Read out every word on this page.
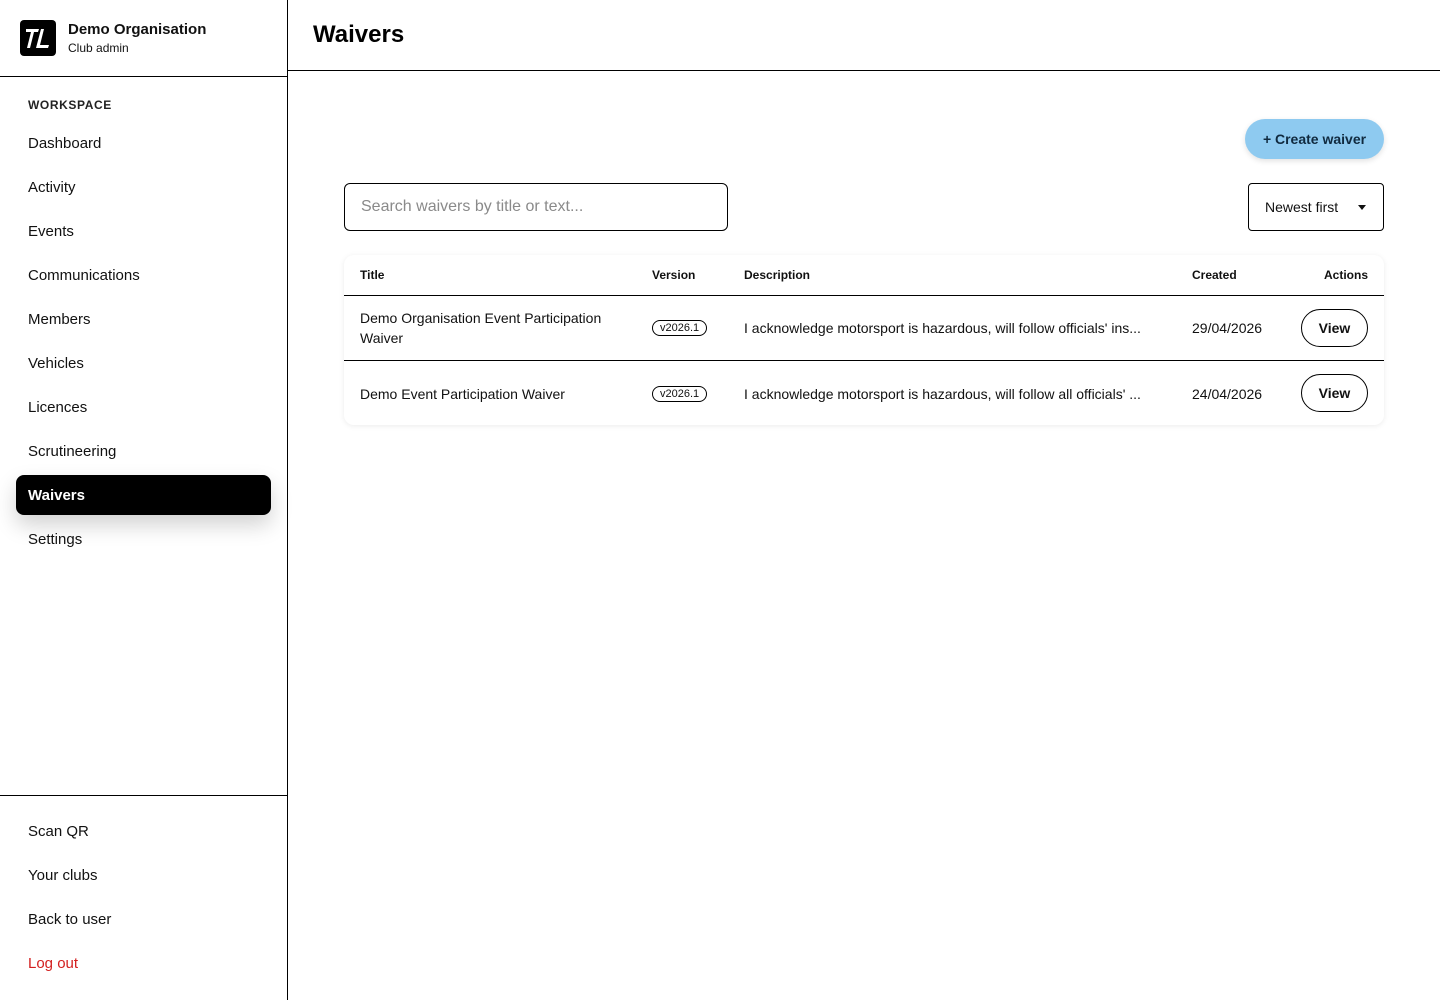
Demo Organisation
Club admin
WORKSPACE
Dashboard
Activity
Events
Communications
Members
Vehicles
Licences
Scrutineering
Waivers
Settings
Scan QR
Your clubs
Back to user
Log out
Waivers
+ Create waiver
Search waivers by title or text...
Newest first
Title	Version	Description	Created	Actions
Demo Organisation Event Participation Waiver
v2026.1	I acknowledge motorsport is hazardous, will follow officials' ins...	29/04/2026	View
Demo Event Participation Waiver	v2026.1	I acknowledge motorsport is hazardous, will follow all officials' ...	24/04/2026	View
